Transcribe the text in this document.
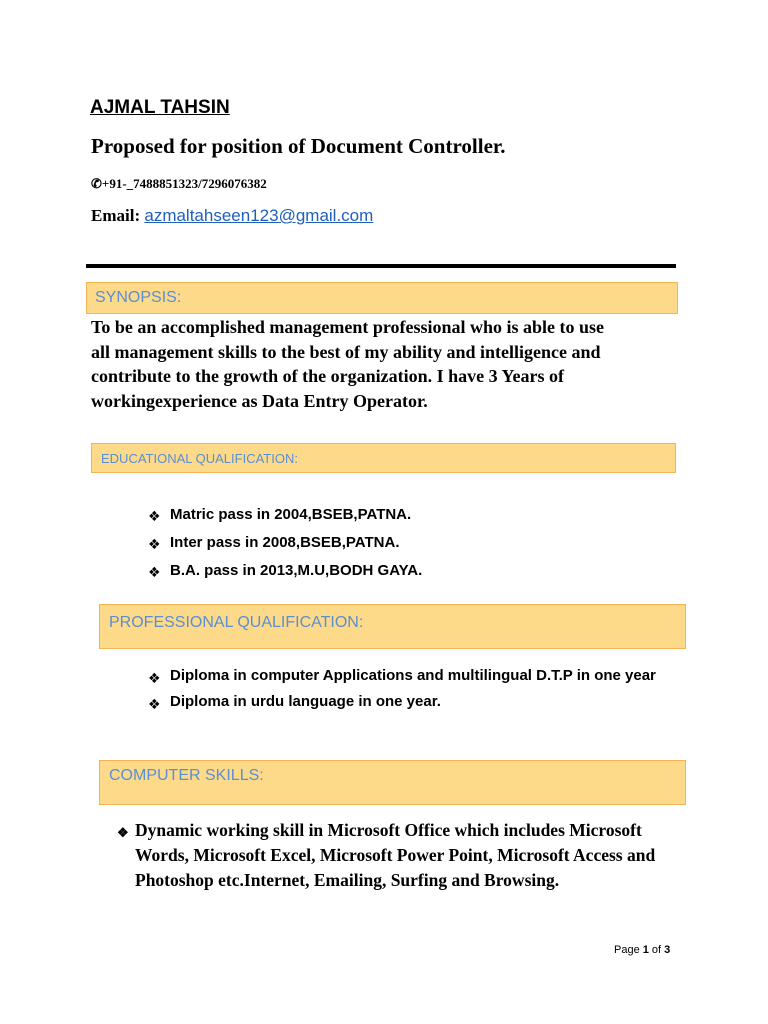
AJMAL TAHSIN
Proposed for position of Document Controller.
✆+91-_7488851323/7296076382
Email: azmaltahseen123@gmail.com
SYNOPSIS:
To be an accomplished management professional who is able to use
all management skills to the best of my ability and intelligence and
contribute to the growth of the organization. I have 3 Years of
workingexperience as Data Entry Operator.
EDUCATIONAL QUALIFICATION:
❖ Matric pass in 2004,BSEB,PATNA.
❖ Inter pass in 2008,BSEB,PATNA.
❖ B.A. pass in 2013,M.U,BODH GAYA.
PROFESSIONAL QUALIFICATION:
❖ Diploma in computer Applications and multilingual D.T.P in one year
❖ Diploma in urdu language in one year.
COMPUTER SKILLS:
❖ Dynamic working skill in Microsoft Office which includes Microsoft Words, Microsoft Excel, Microsoft Power Point, Microsoft Access and Photoshop etc.Internet, Emailing, Surfing and Browsing.
Page 1 of 3
